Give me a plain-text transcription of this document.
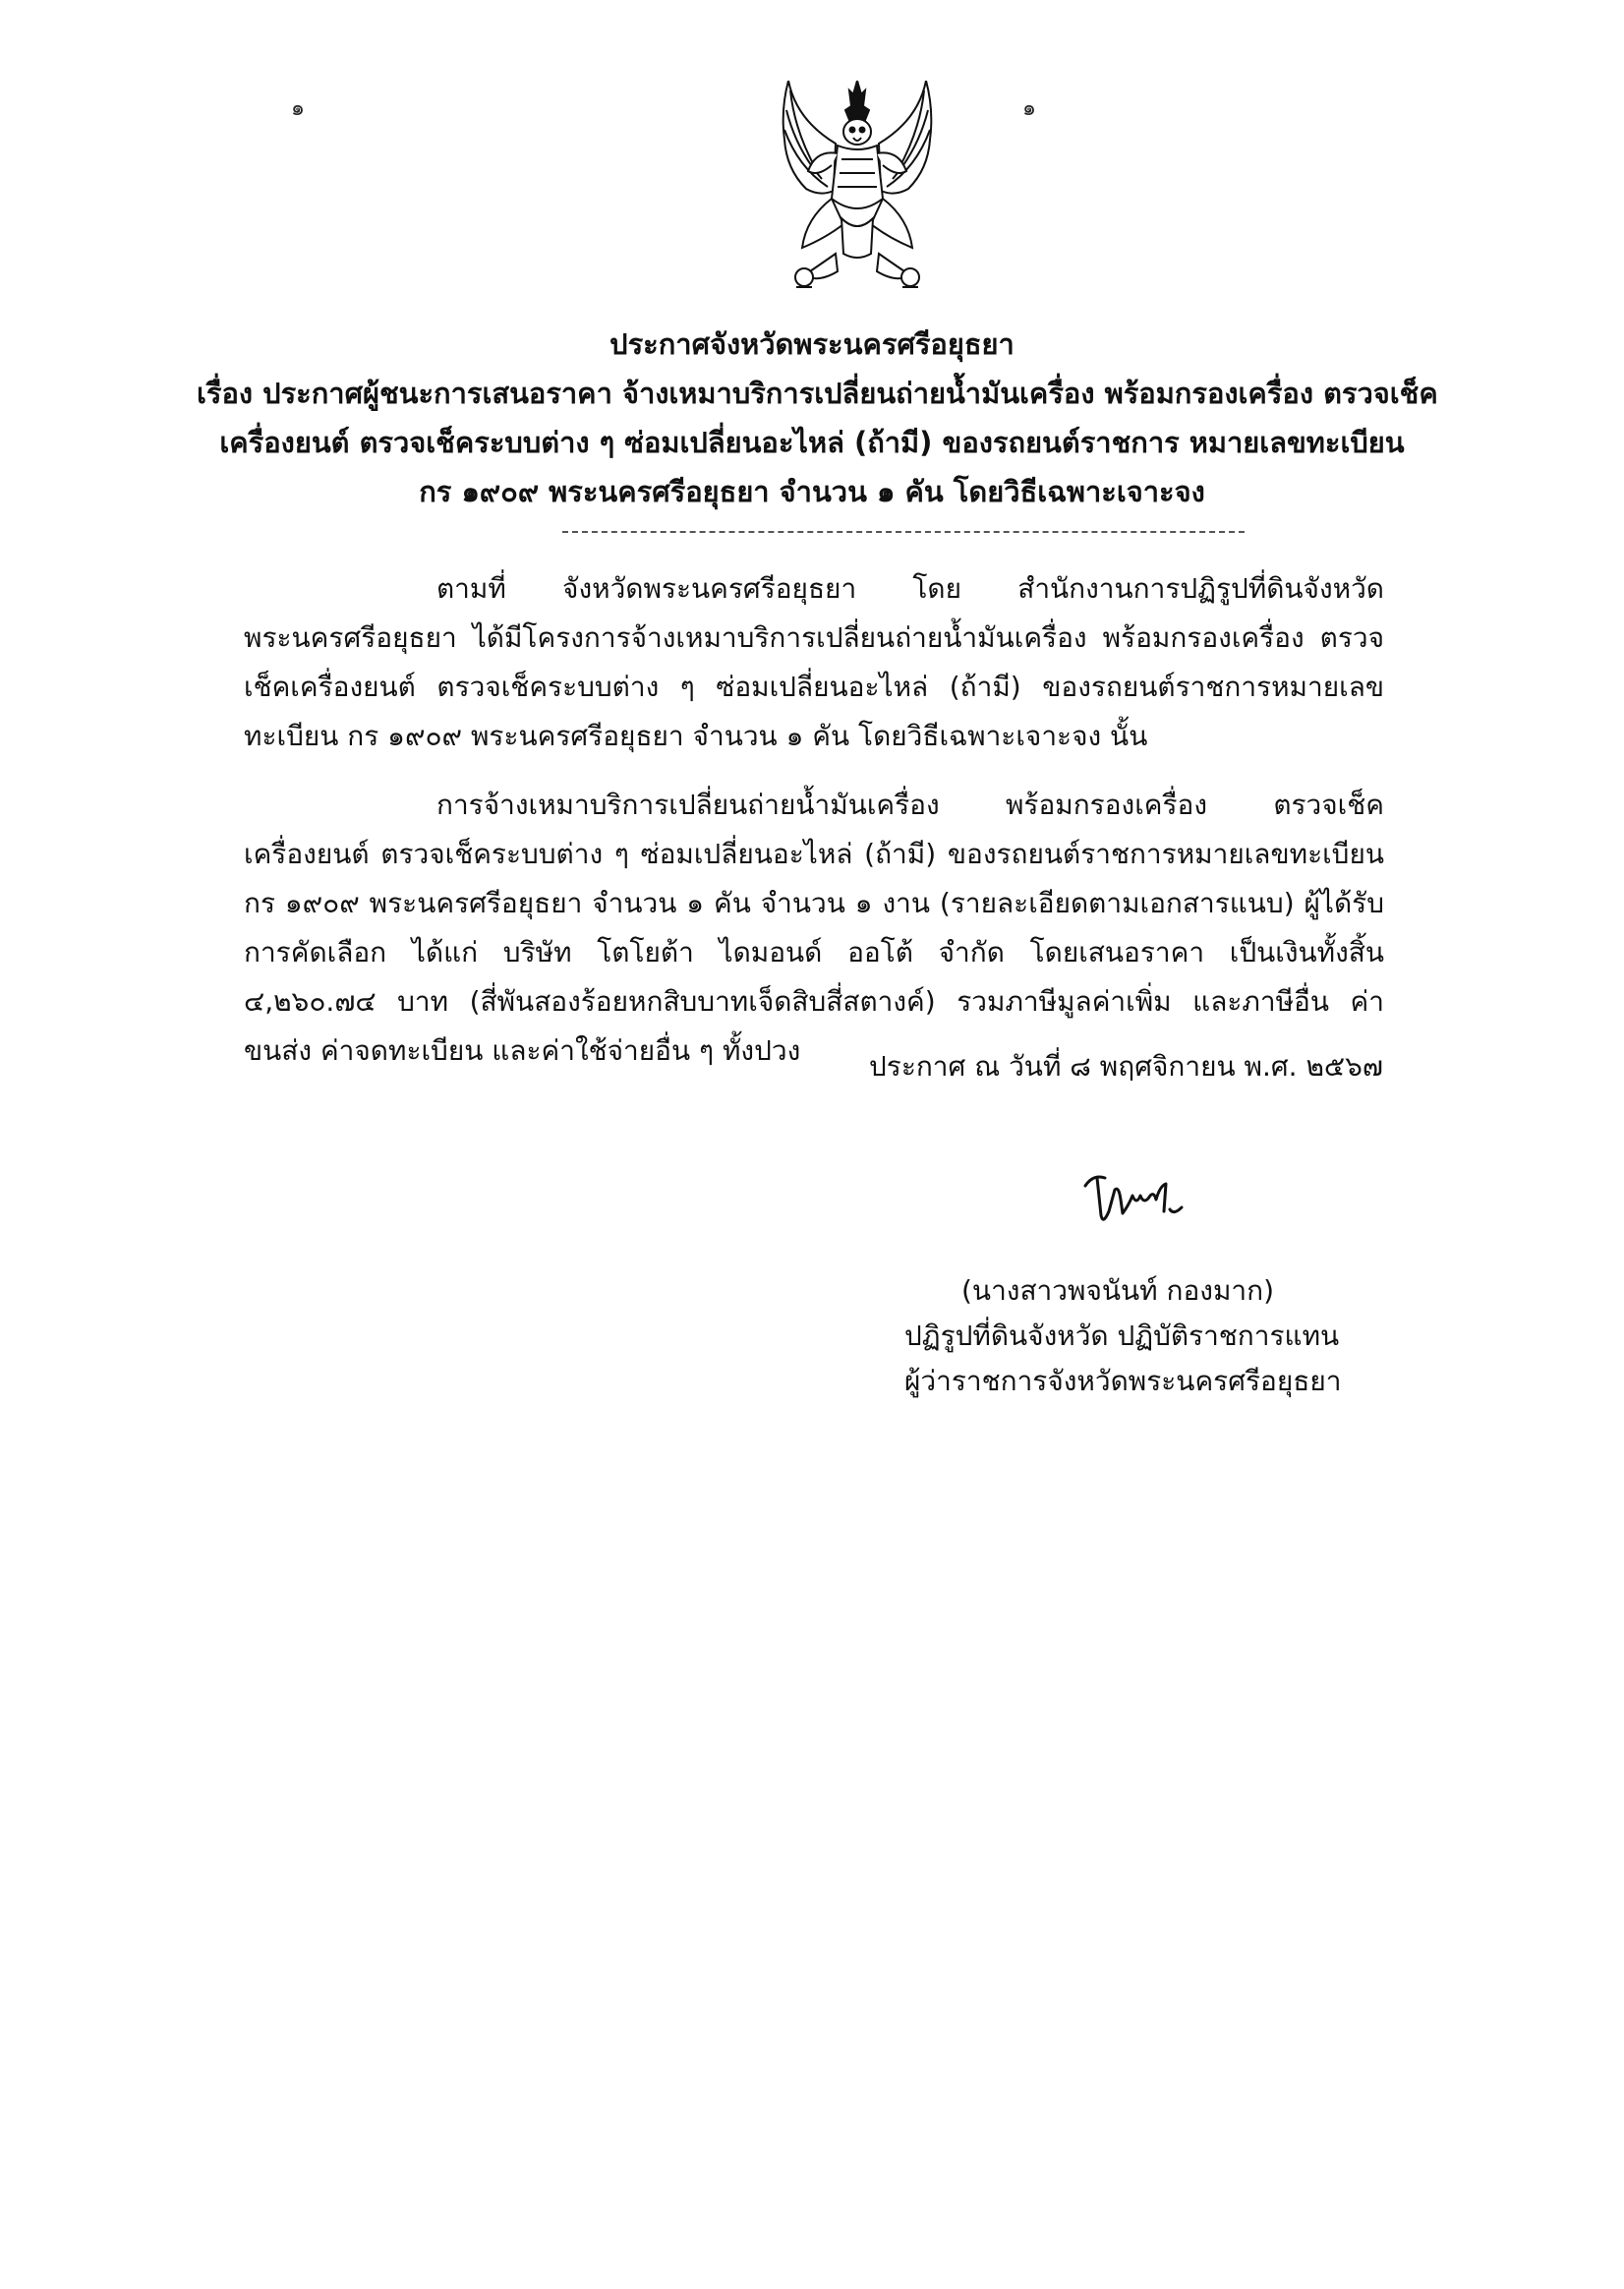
๑	๑
ประกาศจังหวัดพระนครศรีอยุธยา
เรื่อง ประกาศผู้ชนะการเสนอราคา จ้างเหมาบริการเปลี่ยนถ่ายน้ำมันเครื่อง พร้อมกรองเครื่อง ตรวจเช็ค
เครื่องยนต์ ตรวจเช็คระบบต่าง ๆ ซ่อมเปลี่ยนอะไหล่ (ถ้ามี) ของรถยนต์ราชการ หมายเลขทะเบียน
กร ๑๙๐๙ พระนครศรีอยุธยา จำนวน ๑ คัน โดยวิธีเฉพาะเจาะจง

ตามที่ จังหวัดพระนครศรีอยุธยา โดย สำนักงานการปฏิรูปที่ดินจังหวัดพระนครศรีอยุธยา ได้มีโครงการจ้างเหมาบริการเปลี่ยนถ่ายน้ำมันเครื่อง พร้อมกรองเครื่อง ตรวจเช็คเครื่องยนต์ ตรวจเช็คระบบต่าง ๆ ซ่อมเปลี่ยนอะไหล่ (ถ้ามี) ของรถยนต์ราชการหมายเลขทะเบียน กร ๑๙๐๙ พระนครศรีอยุธยา จำนวน ๑ คัน โดยวิธีเฉพาะเจาะจง นั้น

การจ้างเหมาบริการเปลี่ยนถ่ายน้ำมันเครื่อง พร้อมกรองเครื่อง ตรวจเช็คเครื่องยนต์ ตรวจเช็คระบบต่าง ๆ ซ่อมเปลี่ยนอะไหล่ (ถ้ามี) ของรถยนต์ราชการหมายเลขทะเบียน กร ๑๙๐๙ พระนครศรีอยุธยา จำนวน ๑ คัน จำนวน ๑ งาน (รายละเอียดตามเอกสารแนบ) ผู้ได้รับการคัดเลือก ได้แก่ บริษัท โตโยต้า ไดมอนด์ ออโต้ จำกัด โดยเสนอราคา เป็นเงินทั้งสิ้น ๔,๒๖๐.๗๔ บาท (สี่พันสองร้อยหกสิบบาทเจ็ดสิบสี่สตางค์) รวมภาษีมูลค่าเพิ่ม และภาษีอื่น ค่าขนส่ง ค่าจดทะเบียน และค่าใช้จ่ายอื่น ๆ ทั้งปวง	ประกาศ ณ วันที่ ๘ พฤศจิกายน พ.ศ. ๒๕๖๗
(นางสาวพจนันท์ กองมาก)
ปฏิรูปที่ดินจังหวัด ปฏิบัติราชการแทน
ผู้ว่าราชการจังหวัดพระนครศรีอยุธยา
